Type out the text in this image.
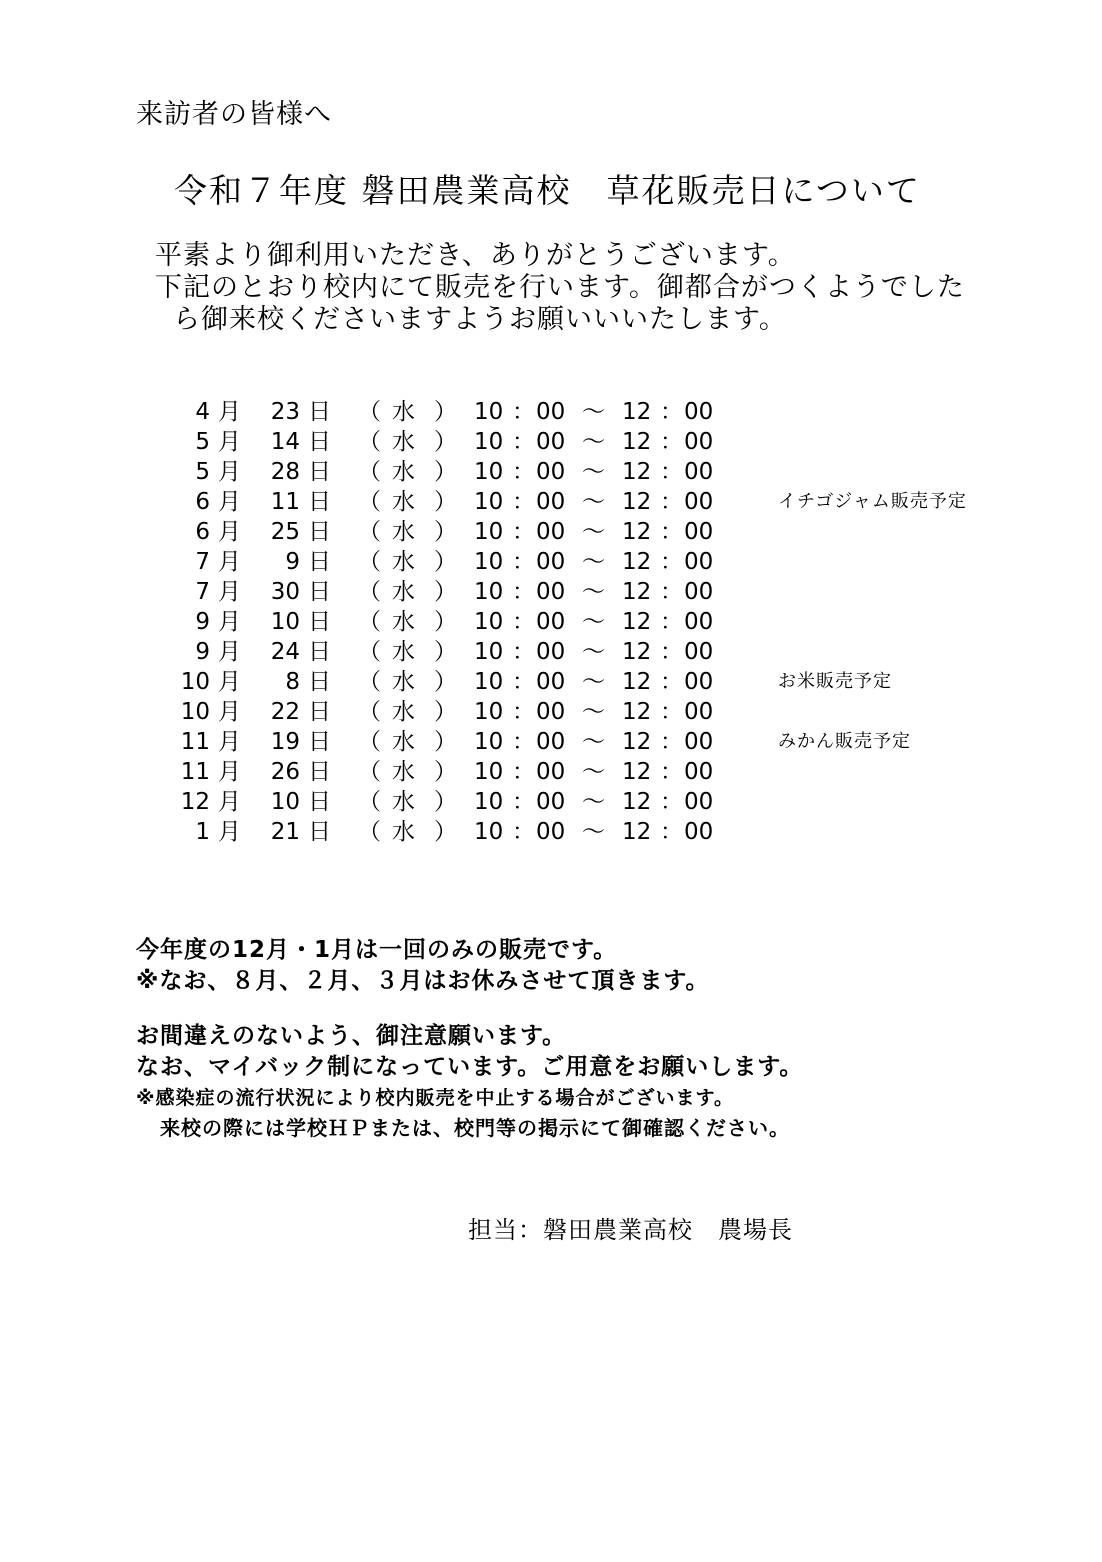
来訪者の皆様へ
令和７年度 磐田農業高校　草花販売日について
平素より御利用いただき、ありがとうございます。
下記のとおり校内にて販売を行います。御都合がつくようでした
ら御来校くださいますようお願いいいたします。
4 月	23 日 （ 水 ） 10 ： 00 ～ 12 ： 00
5 月	14 日 （ 水 ） 10 ： 00 ～ 12 ： 00
5 月	28 日 （ 水 ） 10 ： 00 ～ 12 ： 00
6 月	11 日 （ 水 ） 10 ： 00 ～ 12 ： 00	イチゴジャム販売予定
6 月	25 日 （ 水 ） 10 ： 00 ～ 12 ： 00
7 月	9 日 （ 水 ） 10 ： 00 ～ 12 ： 00
7 月	30 日 （ 水 ） 10 ： 00 ～ 12 ： 00
9 月	10 日 （ 水 ） 10 ： 00 ～ 12 ： 00
9 月	24 日 （ 水 ） 10 ： 00 ～ 12 ： 00
10 月	8 日 （ 水 ） 10 ： 00 ～ 12 ： 00	お米販売予定
10 月	22 日 （ 水 ） 10 ： 00 ～ 12 ： 00
11 月	19 日 （ 水 ） 10 ： 00 ～ 12 ： 00	みかん販売予定
11 月	26 日 （ 水 ） 10 ： 00 ～ 12 ： 00
12 月	10 日 （ 水 ） 10 ： 00 ～ 12 ： 00
1 月	21 日 （ 水 ） 10 ： 00 ～ 12 ： 00
今年度の12月・1月は一回のみの販売です。
※なお、８月、２月、３月はお休みさせて頂きます。
お間違えのないよう、御注意願います。
なお、マイバック制になっています。ご用意をお願いします。
※感染症の流行状況により校内販売を中止する場合がございます。
来校の際には学校ＨＰまたは、校門等の掲示にて御確認ください。
担当：磐田農業高校　農場長
